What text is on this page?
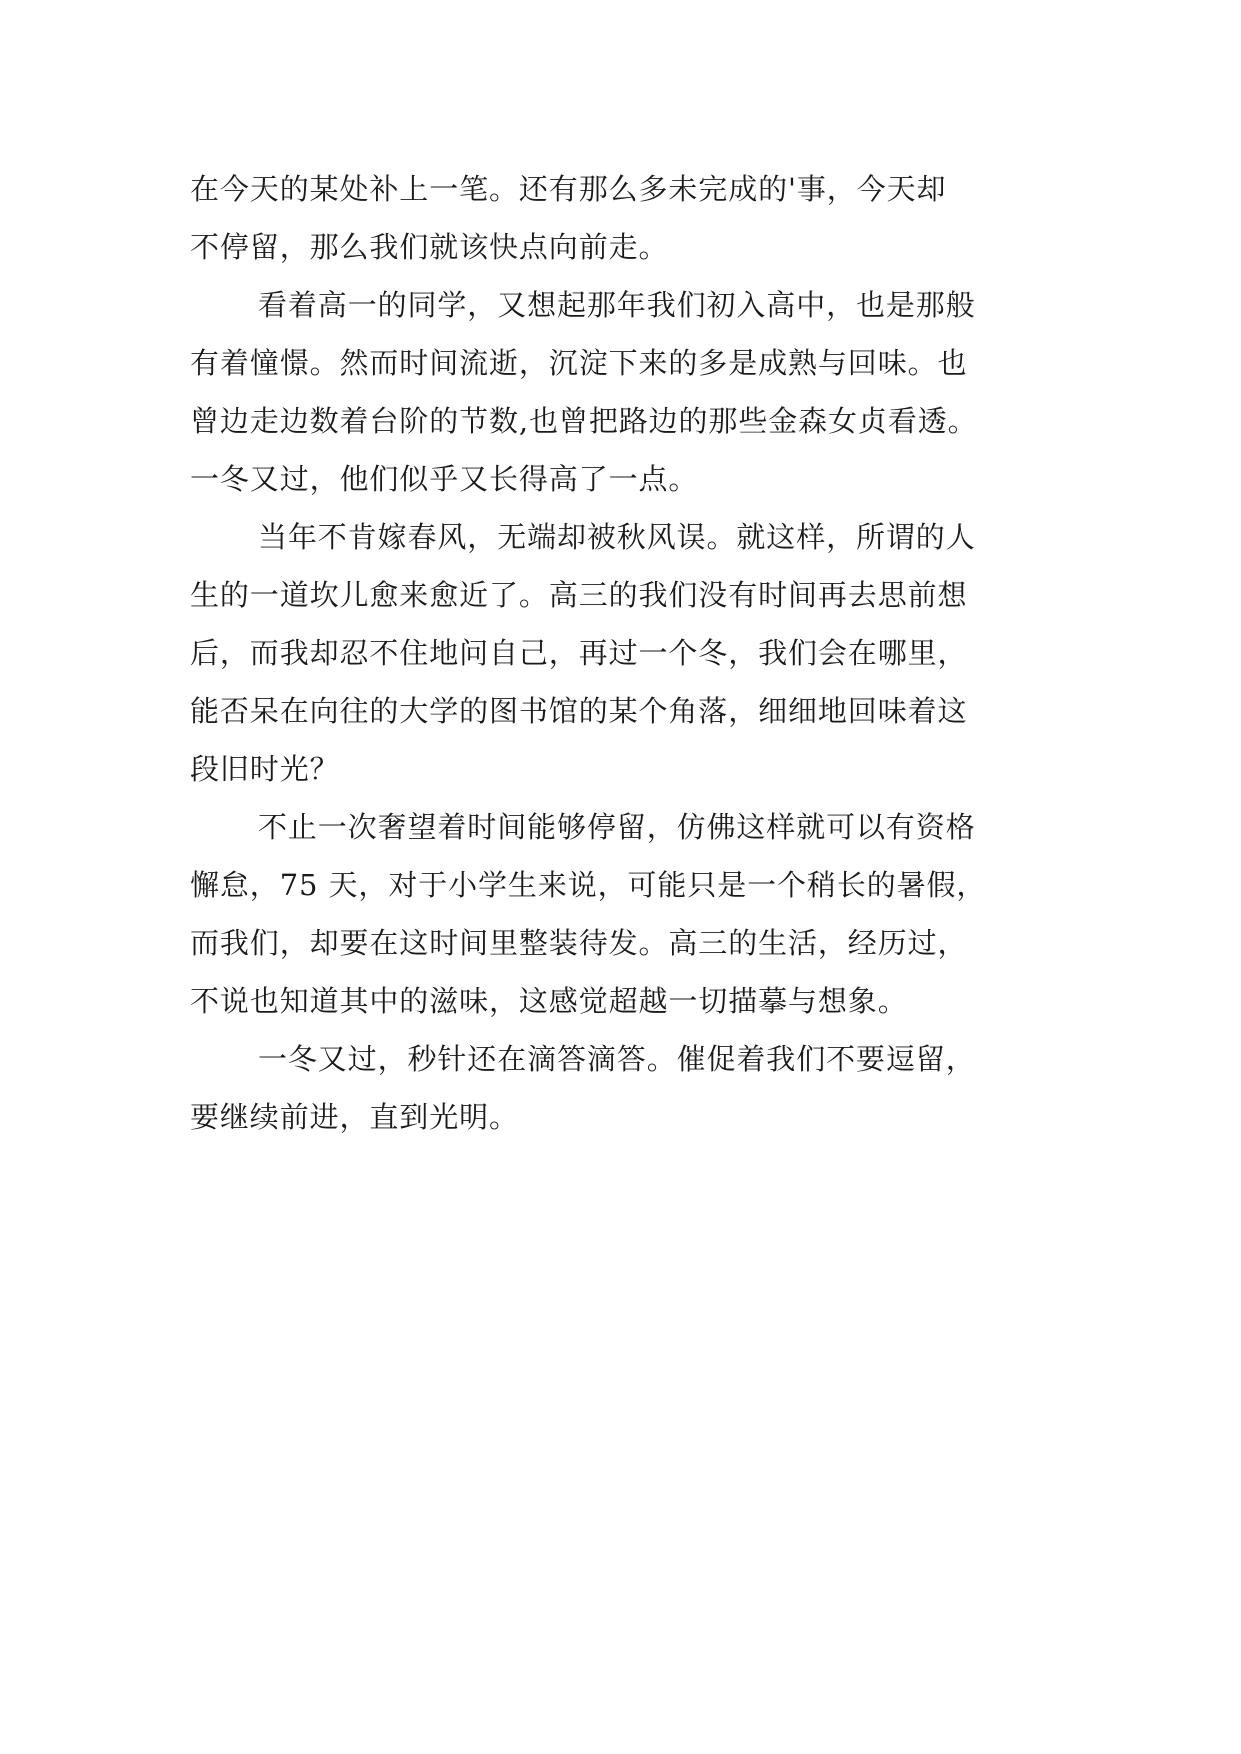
在今天的某处补上一笔。还有那么多未完成的'事，今天却
不停留，那么我们就该快点向前走。
看着高一的同学，又想起那年我们初入高中，也是那般
有着憧憬。然而时间流逝，沉淀下来的多是成熟与回味。也
曾边走边数着台阶的节数,也曾把路边的那些金森女贞看透。
一冬又过，他们似乎又长得高了一点。
当年不肯嫁春风，无端却被秋风误。就这样，所谓的人
生的一道坎儿愈来愈近了。高三的我们没有时间再去思前想
后，而我却忍不住地问自己，再过一个冬，我们会在哪里，
能否呆在向往的大学的图书馆的某个角落，细细地回味着这
段旧时光？
不止一次奢望着时间能够停留，仿佛这样就可以有资格
懈怠，75 天，对于小学生来说，可能只是一个稍长的暑假，
而我们，却要在这时间里整装待发。高三的生活，经历过，
不说也知道其中的滋味，这感觉超越一切描摹与想象。
一冬又过，秒针还在滴答滴答。催促着我们不要逗留，
要继续前进，直到光明。
